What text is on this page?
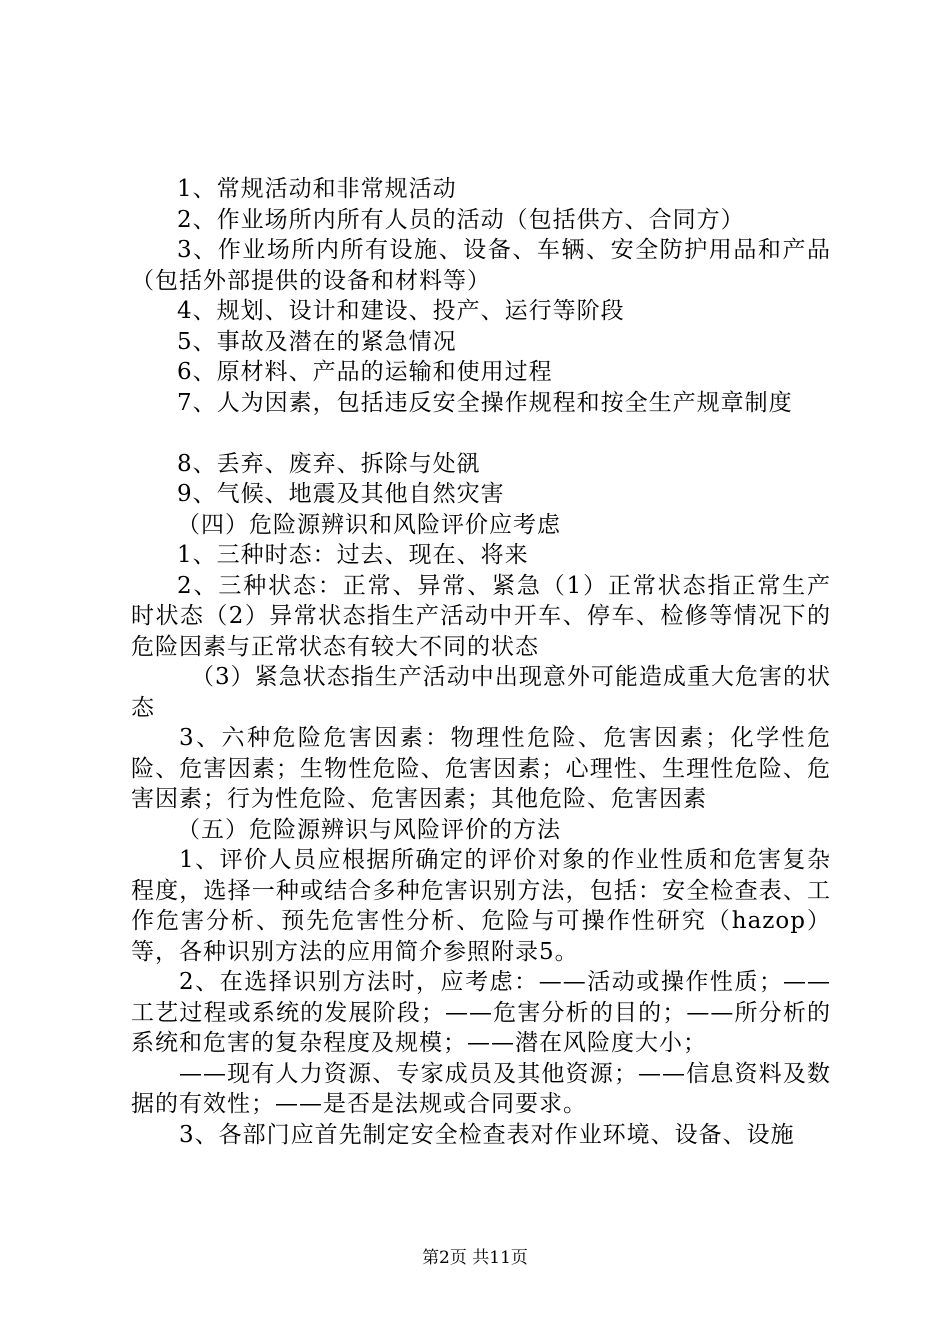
1、常规活动和非常规活动

2、作业场所内所有人员的活动（包括供方、合同方）

3、作业场所内所有设施、设备、车辆、安全防护用品和产品（包括外部提供的设备和材料等）

4、规划、设计和建设、投产、运行等阶段

5、事故及潜在的紧急情况

6、原材料、产品的运输和使用过程

7、人为因素，包括违反安全操作规程和按全生产规章制度

8、丢弃、废弃、拆除与处谻

9、气候、地震及其他自然灾害

（四）危险源辨识和风险评价应考虑

1、三种时态：过去、现在、将来

2、三种状态：正常、异常、紧急（1）正常状态指正常生产时状态（2）异常状态指生产活动中开车、停车、检修等情况下的危险因素与正常状态有较大不同的状态

（3）紧急状态指生产活动中出现意外可能造成重大危害的状态

3、六种危险危害因素：物理性危险、危害因素；化学性危险、危害因素；生物性危险、危害因素；心理性、生理性危险、危害因素；行为性危险、危害因素；其他危险、危害因素

（五）危险源辨识与风险评价的方法

1、评价人员应根据所确定的评价对象的作业性质和危害复杂程度，选择一种或结合多种危害识别方法，包括：安全检查表、工作危害分析、预先危害性分析、危险与可操作性研究（hazop）等，各种识别方法的应用简介参照附录5。

2、在选择识别方法时，应考虑：——活动或操作性质；——工艺过程或系统的发展阶段；——危害分析的目的；——所分析的系统和危害的复杂程度及规模；——潜在风险度大小；

——现有人力资源、专家成员及其他资源；——信息资料及数据的有效性；——是否是法规或合同要求。

3、各部门应首先制定安全检查表对作业环境、设备、设施

第2页 共11页
